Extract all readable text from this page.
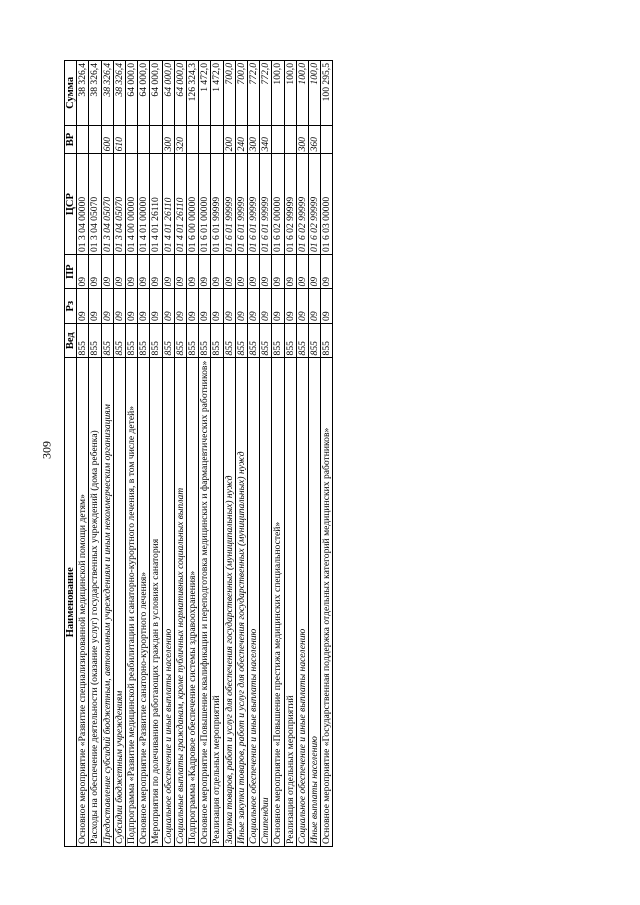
309
Наименование	Вед	Рз	ПР	ЦСР	ВР	Сумма
Основное мероприятие «Развитие специализированной медицинской помощи детям»	855	09	09	01 3 04 00000		38 326,4
Расходы на обеспечение деятельности (оказание услуг) государственных учреждений (дома ребенка)	855	09	09	01 3 04 05070		38 326,4
Предоставление субсидий бюджетным, автономным учреждениям и иным некоммерческим организациям	855	09	09	01 3 04 05070	600	38 326,4
Субсидии бюджетным учреждениям	855	09	09	01 3 04 05070	610	38 326,4
Подпрограмма «Развитие медицинской реабилитации и санаторно-курортного лечения, в том числе детей»	855	09	09	01 4 00 00000		64 000,0
Основное мероприятие «Развитие санаторно-курортного лечения»	855	09	09	01 4 01 00000		64 000,0
Мероприятия по долечиванию работающих граждан в условиях санатория	855	09	09	01 4 01 26110		64 000,0
Социальное обеспечение и иные выплаты населению	855	09	09	01 4 01 26110	300	64 000,0
Социальные выплаты гражданам, кроме публичных нормативных социальных выплат	855	09	09	01 4 01 26110	320	64 000,0
Подпрограмма «Кадровое обеспечение системы здравоохранения»	855	09	09	01 6 00 00000		126 324,3
Основное мероприятие «Повышение квалификации и переподготовка медицинских и фармацевтических работников»	855	09	09	01 6 01 00000		1 472,0
Реализация отдельных мероприятий	855	09	09	01 6 01 99999		1 472,0
Закупка товаров, работ и услуг для обеспечения государственных (муниципальных) нужд	855	09	09	01 6 01 99999	200	700,0
Иные закупки товаров, работ и услуг для обеспечения государственных (муниципальных) нужд	855	09	09	01 6 01 99999	240	700,0
Социальное обеспечение и иные выплаты населению	855	09	09	01 6 01 99999	300	772,0
Стипендии	855	09	09	01 6 01 99999	340	772,0
Основное мероприятие «Повышение престижа медицинских специальностей»	855	09	09	01 6 02 00000		100,0
Реализация отдельных мероприятий	855	09	09	01 6 02 99999		100,0
Социальное обеспечение и иные выплаты населению	855	09	09	01 6 02 99999	300	100,0
Иные выплаты населению	855	09	09	01 6 02 99999	360	100,0
Основное мероприятие «Государственная поддержка отдельных категорий медицинских работников»	855	09	09	01 6 03 00000		100 295,5
